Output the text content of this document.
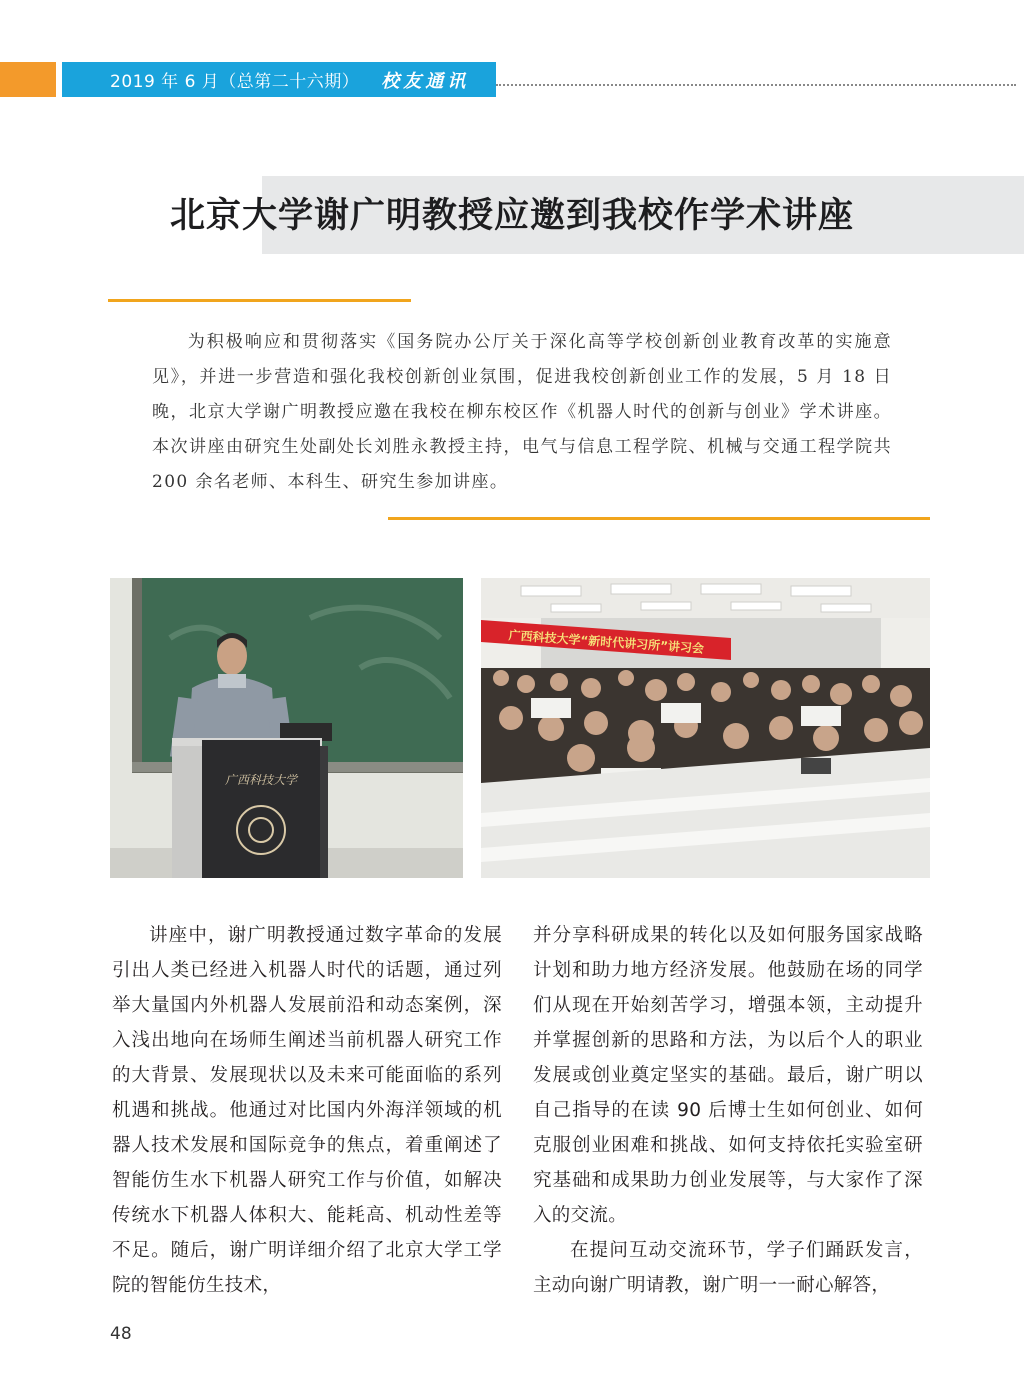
2019 年 6 月（总第二十六期） 校友通讯
北京大学谢广明教授应邀到我校作学术讲座

为积极响应和贯彻落实《国务院办公厅关于深化高等学校创新创业教育改革的实施意见》，并进一步营造和强化我校创新创业氛围，促进我校创新创业工作的发展，5 月 18 日晚，北京大学谢广明教授应邀在我校在柳东校区作《机器人时代的创新与创业》学术讲座。本次讲座由研究生处副处长刘胜永教授主持，电气与信息工程学院、机械与交通工程学院共 200 余名老师、本科生、研究生参加讲座。

广西科技大学
广西科技大学“新时代讲习所”讲习会

讲座中，谢广明教授通过数字革命的发展引出人类已经进入机器人时代的话题，通过列举大量国内外机器人发展前沿和动态案例，深入浅出地向在场师生阐述当前机器人研究工作的大背景、发展现状以及未来可能面临的系列机遇和挑战。他通过对比国内外海洋领域的机器人技术发展和国际竞争的焦点，着重阐述了智能仿生水下机器人研究工作与价值，如解决传统水下机器人体积大、能耗高、机动性差等不足。随后，谢广明详细介绍了北京大学工学院的智能仿生技术，

并分享科研成果的转化以及如何服务国家战略计划和助力地方经济发展。他鼓励在场的同学们从现在开始刻苦学习，增强本领，主动提升并掌握创新的思路和方法，为以后个人的职业发展或创业奠定坚实的基础。最后，谢广明以自己指导的在读 90 后博士生如何创业、如何克服创业困难和挑战、如何支持依托实验室研究基础和成果助力创业发展等，与大家作了深入的交流。

在提问互动交流环节，学子们踊跃发言，主动向谢广明请教，谢广明一一耐心解答，

48
